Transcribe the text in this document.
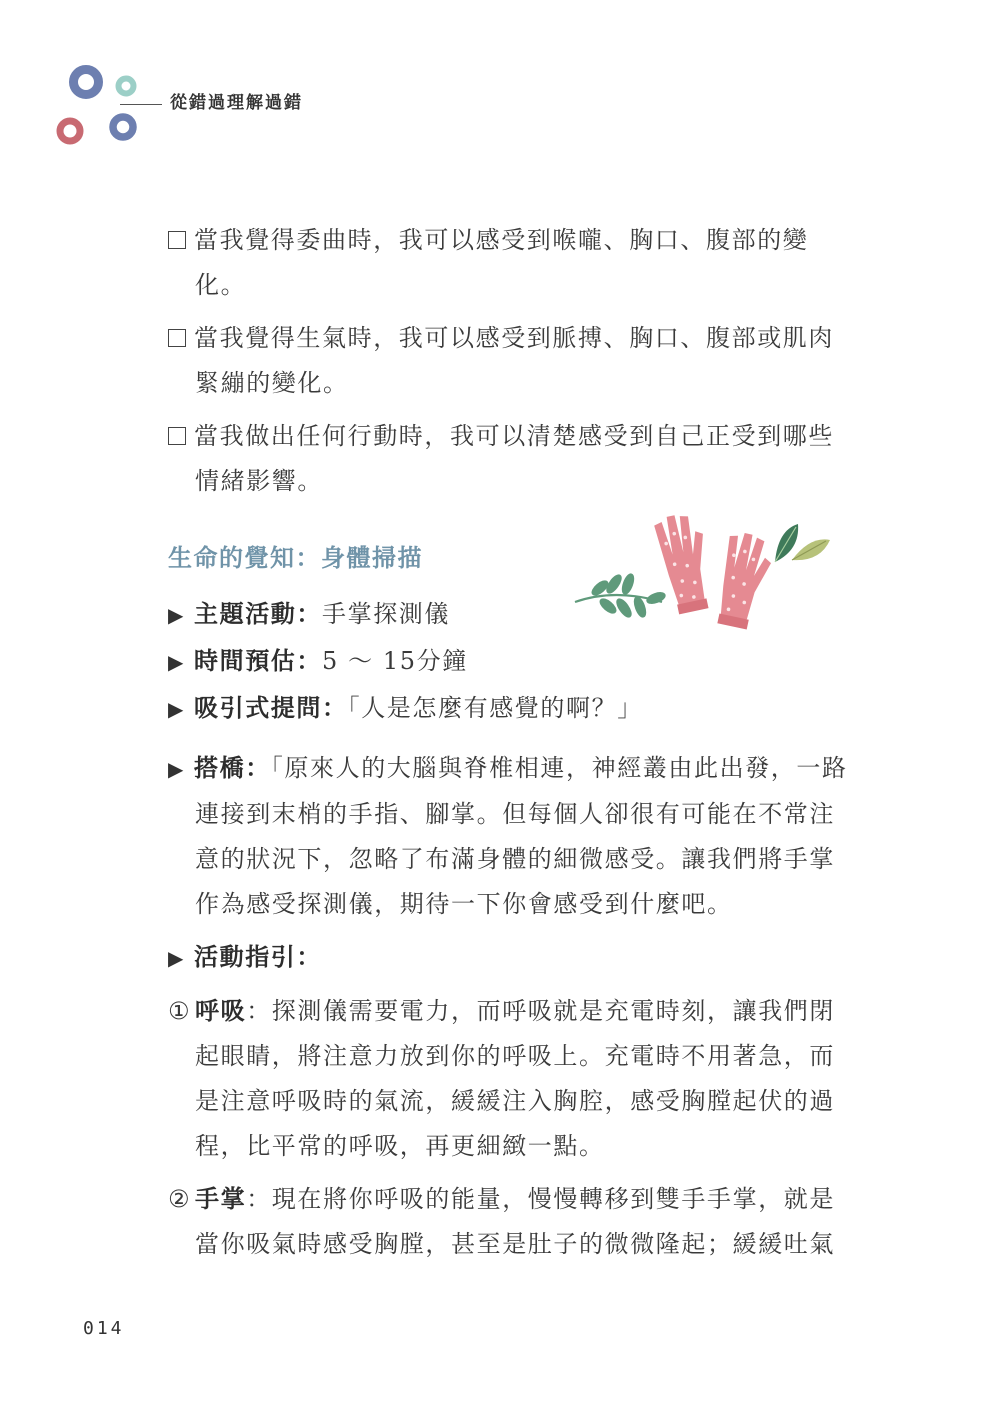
從錯過理解過錯
當我覺得委曲時，我可以感受到喉嚨、胸口、腹部的變化。
當我覺得生氣時，我可以感受到脈搏、胸口、腹部或肌肉緊繃的變化。
當我做出任何行動時，我可以清楚感受到自己正受到哪些情緒影響。
生命的覺知：身體掃描
▶ 主題活動：手掌探測儀
▶ 時間預估：5 ～ 15分鐘
▶ 吸引式提問：「人是怎麼有感覺的啊？」
▶ 搭橋：「原來人的大腦與脊椎相連，神經叢由此出發，一路連接到末梢的手指、腳掌。但每個人卻很有可能在不常注意的狀況下，忽略了布滿身體的細微感受。讓我們將手掌作為感受探測儀，期待一下你會感受到什麼吧。
▶ 活動指引：
① 呼吸：探測儀需要電力，而呼吸就是充電時刻，讓我們閉起眼睛，將注意力放到你的呼吸上。充電時不用著急，而是注意呼吸時的氣流，緩緩注入胸腔，感受胸膛起伏的過程，比平常的呼吸，再更細緻一點。
② 手掌：現在將你呼吸的能量，慢慢轉移到雙手手掌，就是當你吸氣時感受胸膛，甚至是肚子的微微隆起；緩緩吐氣
014
